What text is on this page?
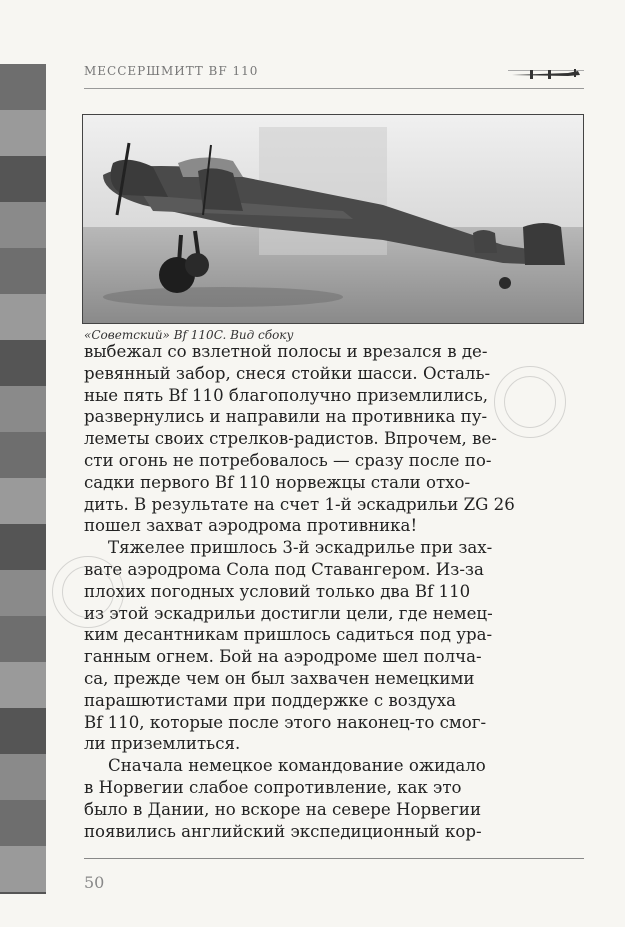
МЕССЕРШМИТТ BF 110
«Советский» Bf 110C. Вид сбоку
выбежал со взлетной полосы и врезался в де-
ревянный забор, снеся стойки шасси. Осталь-
ные пять Bf 110 благополучно приземлились,
развернулись и направили на противника пу-
леметы своих стрелков-радистов. Впрочем, ве-
сти огонь не потребовалось — сразу после по-
садки первого Bf 110 норвежцы стали отхо-
дить. В результате на счет 1-й эскадрильи ZG 26
пошел захват аэродрома противника!
Тяжелее пришлось 3-й эскадрилье при зах-
вате аэродрома Сола под Ставангером. Из-за
плохих погодных условий только два Bf 110
из этой эскадрильи достигли цели, где немец-
ким десантникам пришлось садиться под ура-
ганным огнем. Бой на аэродроме шел полча-
са, прежде чем он был захвачен немецкими
парашютистами при поддержке с воздуха
Bf 110, которые после этого наконец-то смог-
ли приземлиться.
Сначала немецкое командование ожидало
в Норвегии слабое сопротивление, как это
было в Дании, но вскоре на севере Норвегии
появились английский экспедиционный кор-
50
